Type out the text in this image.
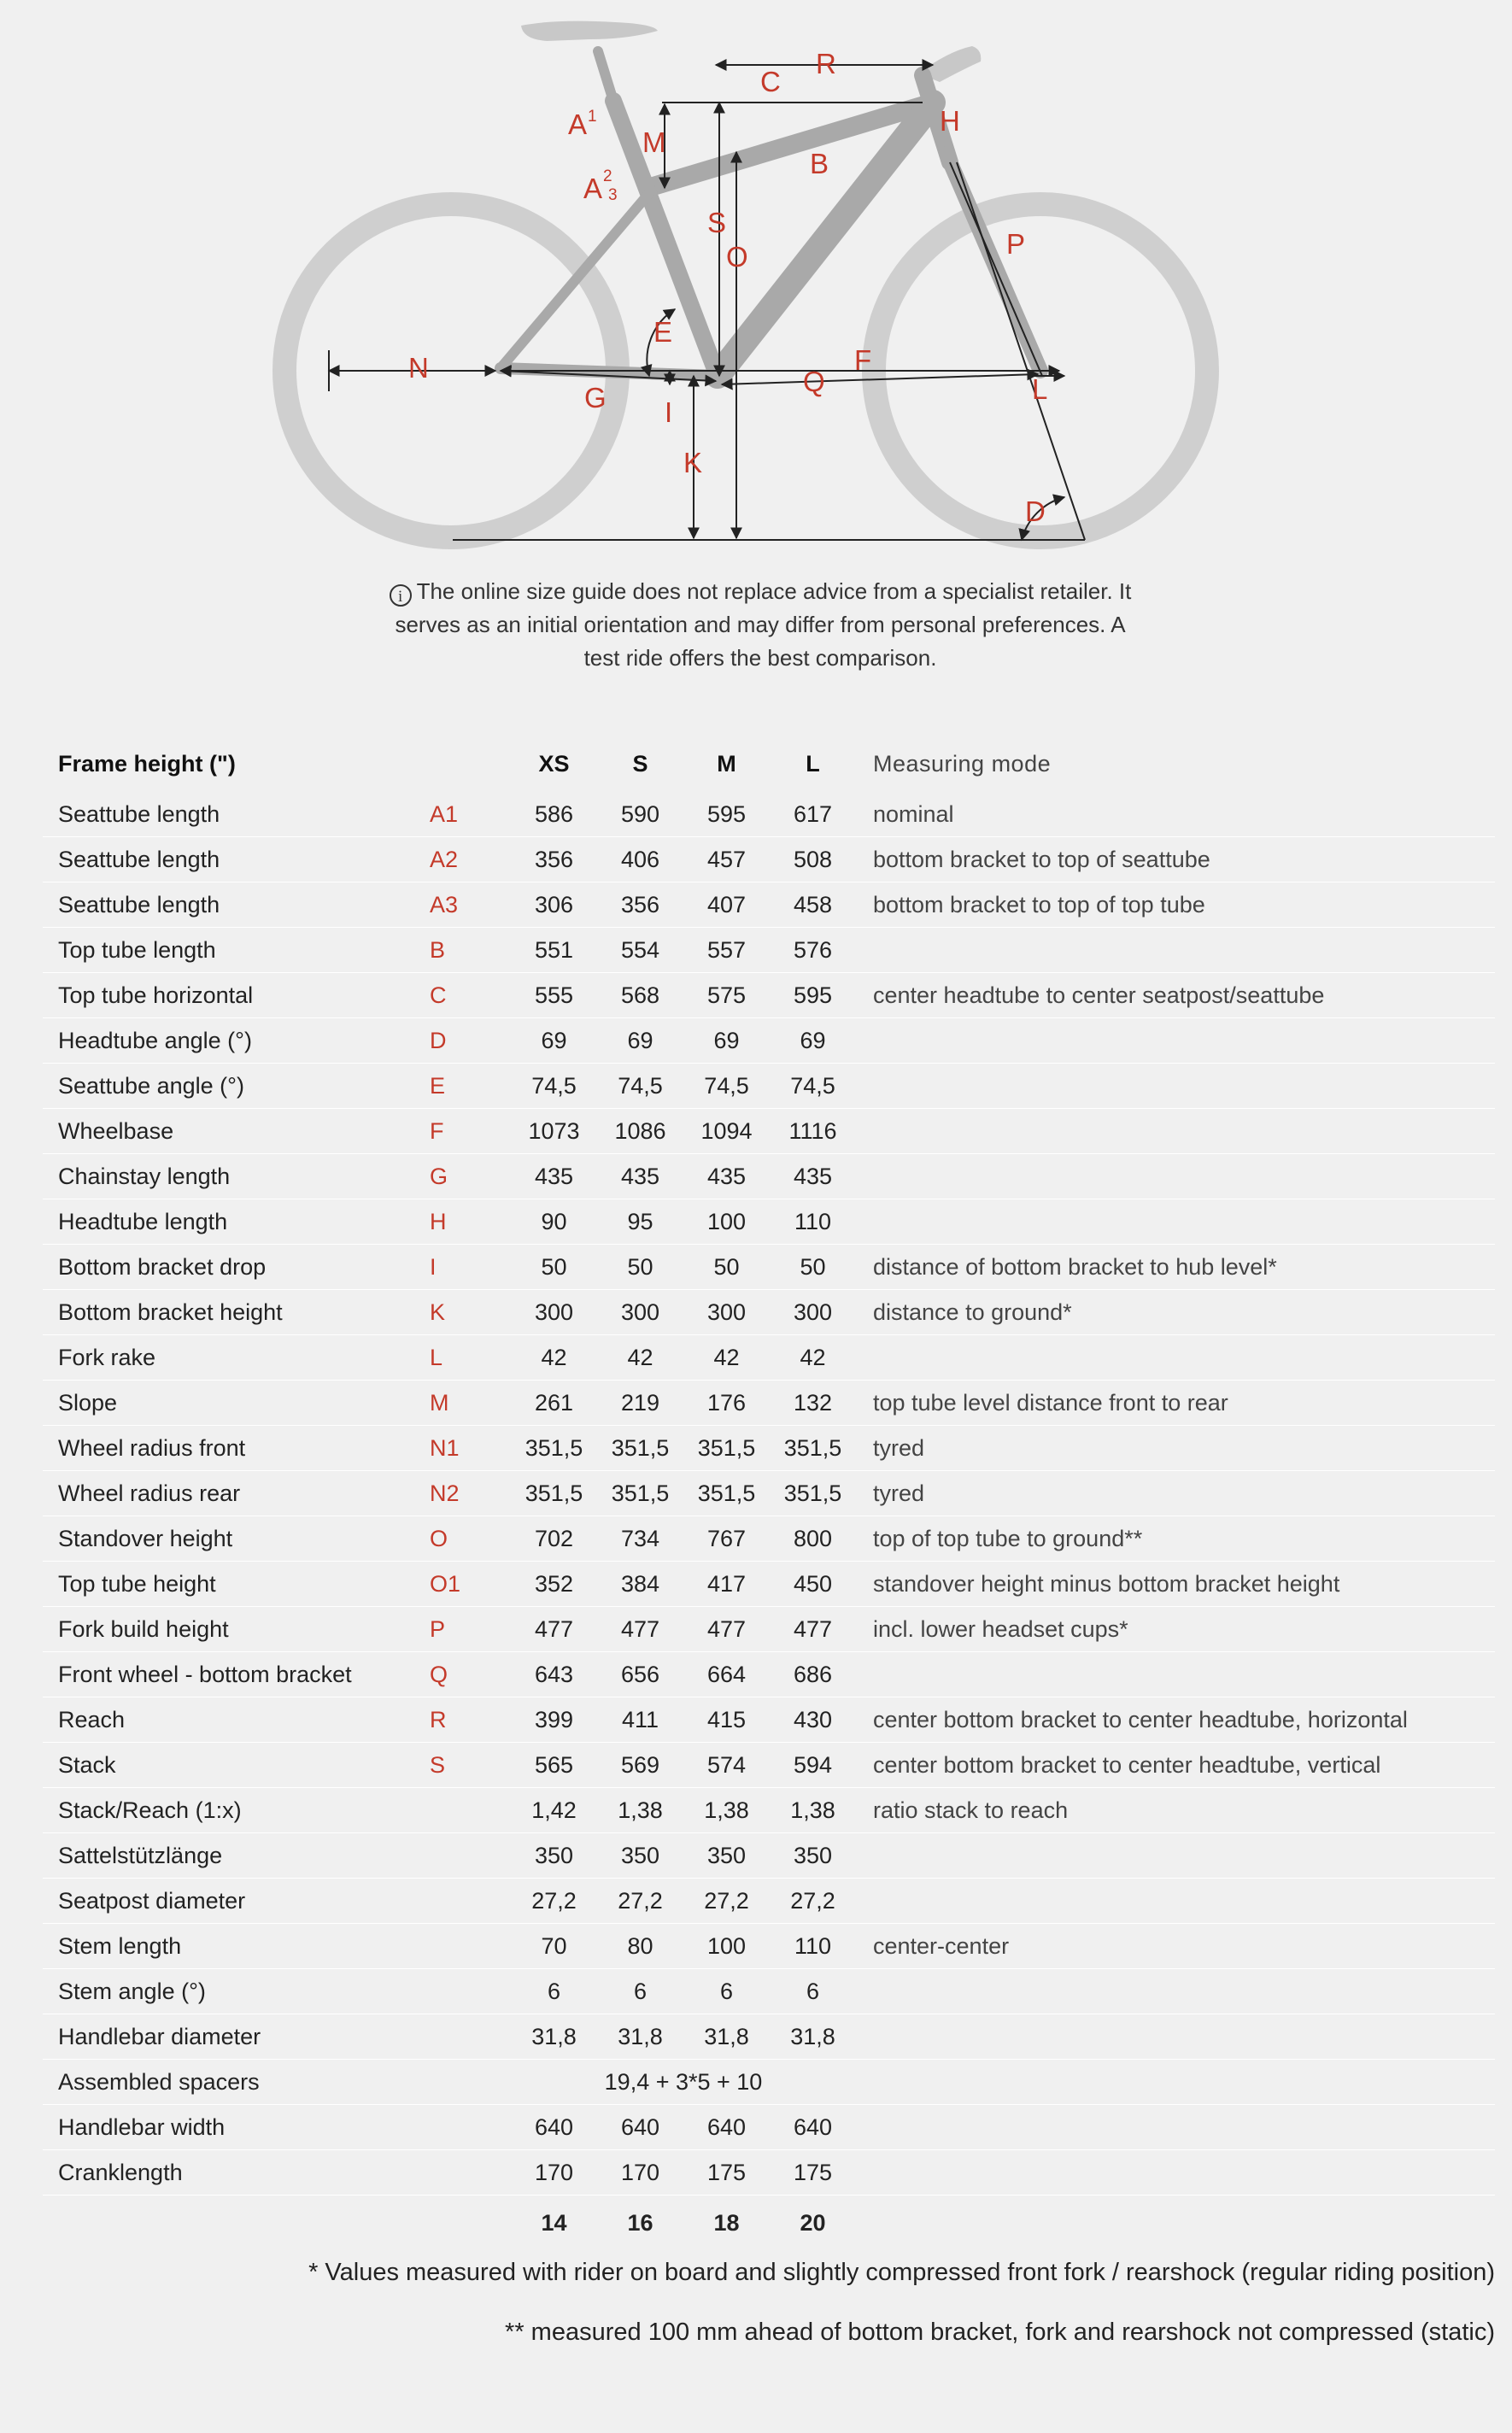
A 1
M
A 2
3
C
R
H
B
S
O	P
E
F
N	Q	L
G I
K
D
i The online size guide does not replace advice from a specialist retailer. It serves as an initial orientation and may differ from personal preferences. A test ride offers the best comparison.
Frame height (")		XS	S	M	L	Measuring mode
Seattube length	A1	586	590	595	617	nominal
Seattube length	A2	356	406	457	508	bottom bracket to top of seattube
Seattube length	A3	306	356	407	458	bottom bracket to top of top tube
Top tube length	B	551	554	557	576	
Top tube horizontal	C	555	568	575	595	center headtube to center seatpost/seattube
Headtube angle (°)	D	69	69	69	69	
Seattube angle (°)	E	74,5	74,5	74,5	74,5	
Wheelbase	F	1073	1086	1094	1116	
Chainstay length	G	435	435	435	435	
Headtube length	H	90	95	100	110	
Bottom bracket drop	I	50	50	50	50	distance of bottom bracket to hub level*
Bottom bracket height	K	300	300	300	300	distance to ground*
Fork rake	L	42	42	42	42	
Slope	M	261	219	176	132	top tube level distance front to rear
Wheel radius front	N1	351,5	351,5	351,5	351,5	tyred
Wheel radius rear	N2	351,5	351,5	351,5	351,5	tyred
Standover height	O	702	734	767	800	top of top tube to ground**
Top tube height	O1	352	384	417	450	standover height minus bottom bracket height
Fork build height	P	477	477	477	477	incl. lower headset cups*
Front wheel - bottom bracket	Q	643	656	664	686	
Reach	R	399	411	415	430	center bottom bracket to center headtube, horizontal
Stack	S	565	569	574	594	center bottom bracket to center headtube, vertical
Stack/Reach (1:x)		1,42	1,38	1,38	1,38	ratio stack to reach
Sattelstützlänge		350	350	350	350	
Seatpost diameter		27,2	27,2	27,2	27,2	
Stem length		70	80	100	110	center-center
Stem angle (°)		6	6	6	6	
Handlebar diameter		31,8	31,8	31,8	31,8	
Assembled spacers		19,4 + 3*5 + 10				
Handlebar width		640	640	640	640	
Cranklength		170	170	175	175	
		14	16	18	20	
* Values measured with rider on board and slightly compressed front fork / rearshock (regular riding position)
** measured 100 mm ahead of bottom bracket, fork and rearshock not compressed (static)
